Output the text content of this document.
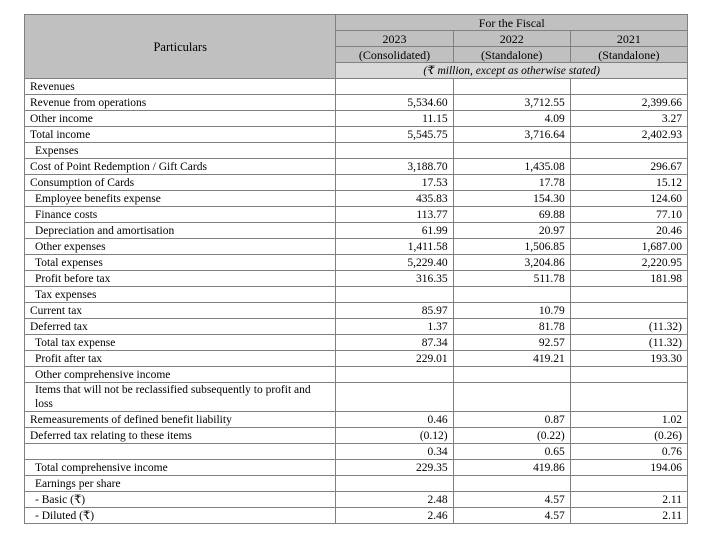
Particulars	For the Fiscal		
	2023	2022	2021
	(Consolidated)	(Standalone)	(Standalone)
	(₹ million, except as otherwise stated)		
Revenues			
Revenue from operations	5,534.60	3,712.55	2,399.66
Other income	11.15	4.09	3.27
Total income	5,545.75	3,716.64	2,402.93
Expenses			
Cost of Point Redemption / Gift Cards	3,188.70	1,435.08	296.67
Consumption of Cards	17.53	17.78	15.12
Employee benefits expense	435.83	154.30	124.60
Finance costs	113.77	69.88	77.10
Depreciation and amortisation	61.99	20.97	20.46
Other expenses	1,411.58	1,506.85	1,687.00
Total expenses	5,229.40	3,204.86	2,220.95
Profit before tax	316.35	511.78	181.98
Tax expenses			
Current tax	85.97	10.79	
Deferred tax	1.37	81.78	(11.32)
Total tax expense	87.34	92.57	(11.32)
Profit after tax	229.01	419.21	193.30
Other comprehensive income			
Items that will not be reclassified subsequently to profit and loss			
Remeasurements of defined benefit liability	0.46	0.87	1.02
Deferred tax relating to these items	(0.12)	(0.22)	(0.26)
	0.34	0.65	0.76
Total comprehensive income	229.35	419.86	194.06
Earnings per share			
- Basic (₹)	2.48	4.57	2.11
- Diluted (₹)	2.46	4.57	2.11
